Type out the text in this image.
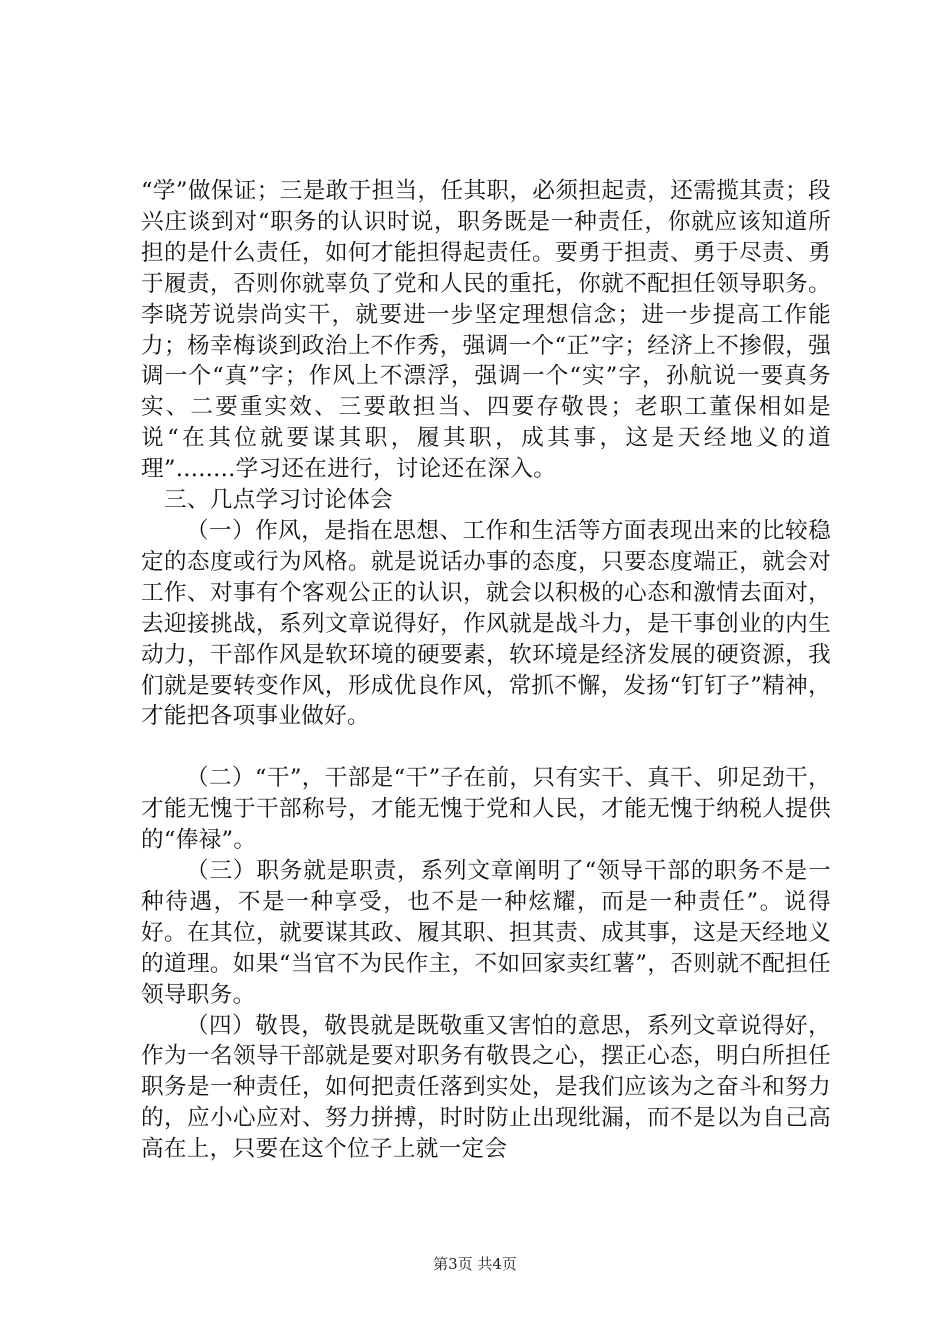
“学”做保证；三是敢于担当，任其职，必须担起责，还需揽其责；段兴庄谈到对“职务的认识时说，职务既是一种责任，你就应该知道所担的是什么责任，如何才能担得起责任。要勇于担责、勇于尽责、勇于履责，否则你就辜负了党和人民的重托，你就不配担任领导职务。李晓芳说崇尚实干，就要进一步坚定理想信念；进一步提高工作能力；杨幸梅谈到政治上不作秀，强调一个“正”字；经济上不掺假，强调一个“真”字；作风上不漂浮，强调一个“实”字，孙航说一要真务实、二要重实效、三要敢担当、四要存敬畏；老职工董保相如是说“在其位就要谋其职，履其职，成其事，这是天经地义的道理”........学习还在进行，讨论还在深入。

三、几点学习讨论体会

（一）作风，是指在思想、工作和生活等方面表现出来的比较稳定的态度或行为风格。就是说话办事的态度，只要态度端正，就会对工作、对事有个客观公正的认识，就会以积极的心态和激情去面对，去迎接挑战，系列文章说得好，作风就是战斗力，是干事创业的内生动力，干部作风是软环境的硬要素，软环境是经济发展的硬资源，我们就是要转变作风，形成优良作风，常抓不懈，发扬“钉钉子”精神，才能把各项事业做好。

（二）“干”，干部是“干”子在前，只有实干、真干、卯足劲干，才能无愧于干部称号，才能无愧于党和人民，才能无愧于纳税人提供的“俸禄”。

（三）职务就是职责，系列文章阐明了“领导干部的职务不是一种待遇，不是一种享受，也不是一种炫耀，而是一种责任”。说得好。在其位，就要谋其政、履其职、担其责、成其事，这是天经地义的道理。如果“当官不为民作主，不如回家卖红薯”，否则就不配担任领导职务。

（四）敬畏，敬畏就是既敬重又害怕的意思，系列文章说得好，作为一名领导干部就是要对职务有敬畏之心，摆正心态，明白所担任职务是一种责任，如何把责任落到实处，是我们应该为之奋斗和努力的，应小心应对、努力拼搏，时时防止出现纰漏，而不是以为自己高高在上，只要在这个位子上就一定会

第3页 共4页
